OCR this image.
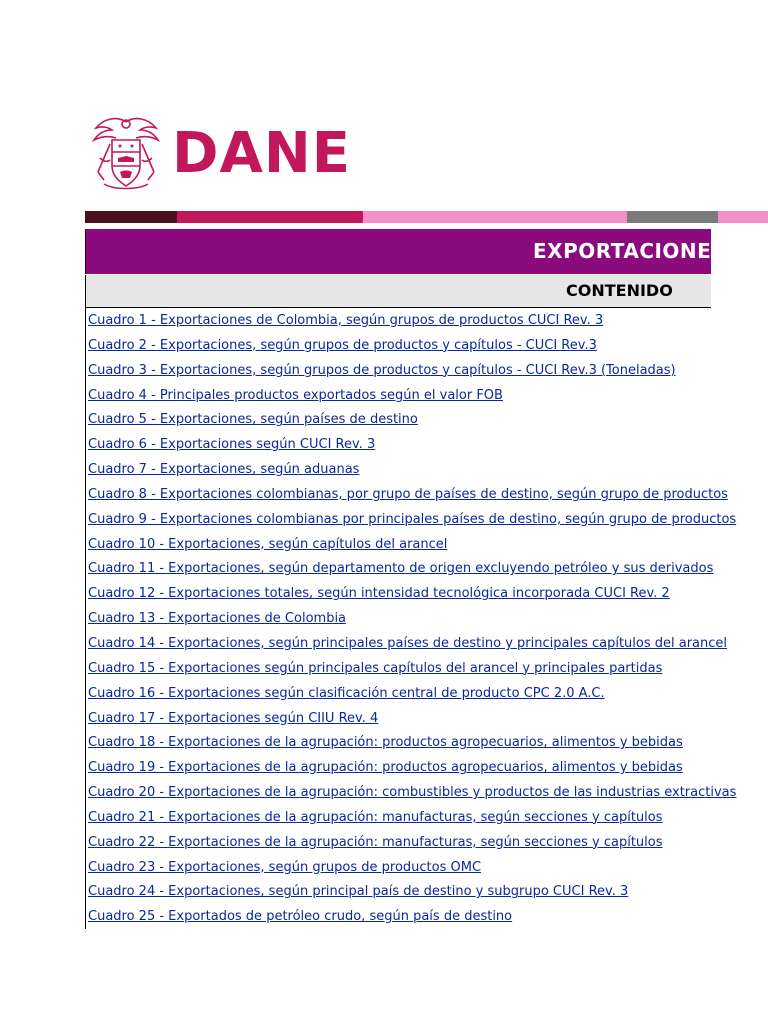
DANE
EXPORTACIONES
CONTENIDO
Cuadro 1 - Exportaciones de Colombia, según grupos de productos CUCI Rev. 3
Cuadro 2 - Exportaciones, según grupos de productos y capítulos - CUCI Rev.3
Cuadro 3 - Exportaciones, según grupos de productos y capítulos - CUCI Rev.3 (Toneladas)
Cuadro 4 - Principales productos exportados según el valor FOB
Cuadro 5 - Exportaciones, según países de destino
Cuadro 6 - Exportaciones según CUCI Rev. 3
Cuadro 7 - Exportaciones, según aduanas
Cuadro 8 - Exportaciones colombianas, por grupo de países de destino, según grupo de productos
Cuadro 9 - Exportaciones colombianas por principales países de destino, según grupo de productos
Cuadro 10 - Exportaciones, según capítulos del arancel
Cuadro 11 - Exportaciones, según departamento de origen excluyendo petróleo y sus derivados
Cuadro 12 - Exportaciones totales, según intensidad tecnológica incorporada CUCI Rev. 2
Cuadro 13 - Exportaciones de Colombia
Cuadro 14 - Exportaciones, según principales países de destino y principales capítulos del arancel
Cuadro 15 - Exportaciones según principales capítulos del arancel y principales partidas
Cuadro 16 - Exportaciones según clasificación central de producto CPC 2.0 A.C.
Cuadro 17 - Exportaciones según CIIU Rev. 4
Cuadro 18 - Exportaciones de la agrupación: productos agropecuarios, alimentos y bebidas
Cuadro 19 - Exportaciones de la agrupación: productos agropecuarios, alimentos y bebidas
Cuadro 20 - Exportaciones de la agrupación: combustibles y productos de las industrias extractivas
Cuadro 21 - Exportaciones de la agrupación: manufacturas, según secciones y capítulos
Cuadro 22 - Exportaciones de la agrupación: manufacturas, según secciones y capítulos
Cuadro 23 - Exportaciones, según grupos de productos OMC
Cuadro 24 - Exportaciones, según principal país de destino y subgrupo CUCI Rev. 3
Cuadro 25 - Exportados de petróleo crudo, según país de destino
